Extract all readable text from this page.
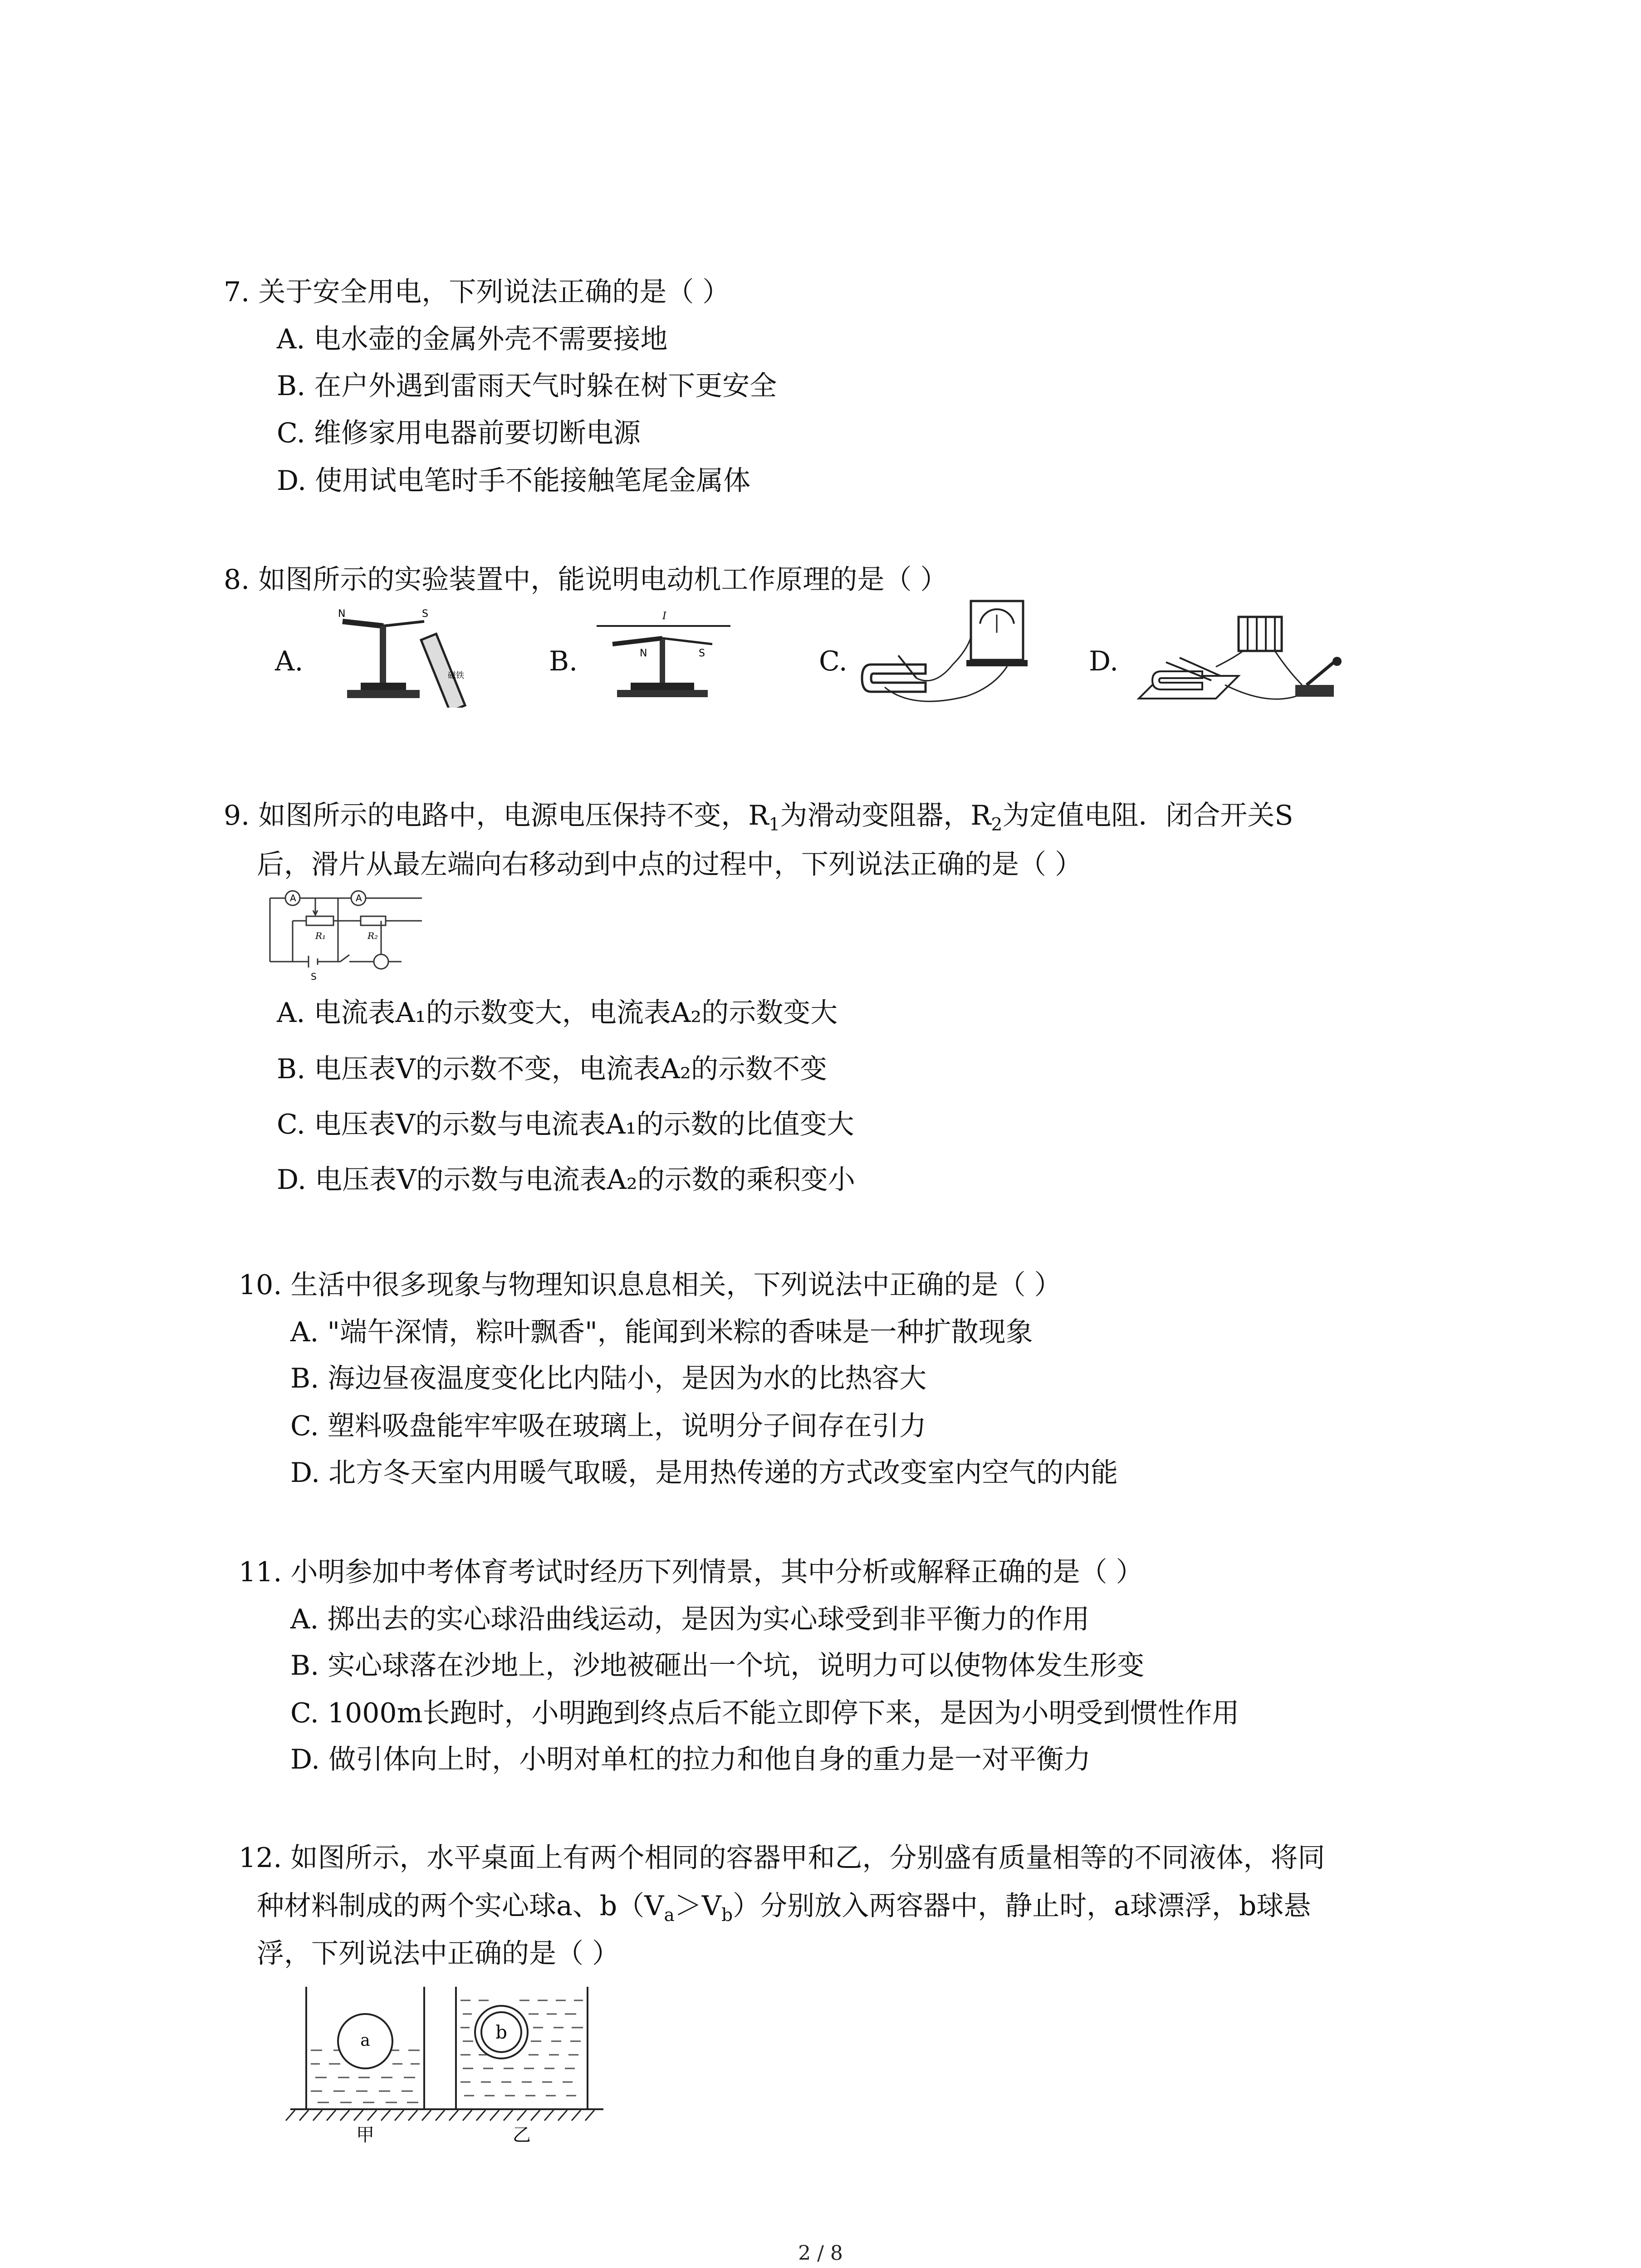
7. 关于安全用电，下列说法正确的是（ ）
A. 电水壶的金属外壳不需要接地
B. 在户外遇到雷雨天气时躲在树下更安全
C. 维修家用电器前要切断电源
D. 使用试电笔时手不能接触笔尾金属体
8. 如图所示的实验装置中，能说明电动机工作原理的是（ ）
A.
N	S
磁铁	B.
I
N	S	C.	D.
9. 如图所示的电路中，电源电压保持不变，$R_1$为滑动变阻器，$R_2$为定值电阻．闭合开关S
后，滑片从最左端向右移动到中点的过程中，下列说法正确的是（ ）
A	A
R₁	R₂
S
A. 电流表A₁的示数变大，电流表A₂的示数变大
B. 电压表V的示数不变，电流表A₂的示数不变
C. 电压表V的示数与电流表A₁的示数的比值变大
D. 电压表V的示数与电流表A₂的示数的乘积变小
10. 生活中很多现象与物理知识息息相关，下列说法中正确的是（ ）
A. "端午深情，粽叶飘香"，能闻到米粽的香味是一种扩散现象
B. 海边昼夜温度变化比内陆小，是因为水的比热容大
C. 塑料吸盘能牢牢吸在玻璃上，说明分子间存在引力
D. 北方冬天室内用暖气取暖，是用热传递的方式改变室内空气的内能
11. 小明参加中考体育考试时经历下列情景，其中分析或解释正确的是（ ）
A. 掷出去的实心球沿曲线运动，是因为实心球受到非平衡力的作用
B. 实心球落在沙地上，沙地被砸出一个坑，说明力可以使物体发生形变
C. 1000m长跑时，小明跑到终点后不能立即停下来，是因为小明受到惯性作用
D. 做引体向上时，小明对单杠的拉力和他自身的重力是一对平衡力
12. 如图所示，水平桌面上有两个相同的容器甲和乙，分别盛有质量相等的不同液体，将同
种材料制成的两个实心球a、$b(V_a>V_b)$分别放入两容器中，静止时，a球漂浮，b球悬
浮，下列说法中正确的是（ ）
a	b
甲	乙
2 / 8
